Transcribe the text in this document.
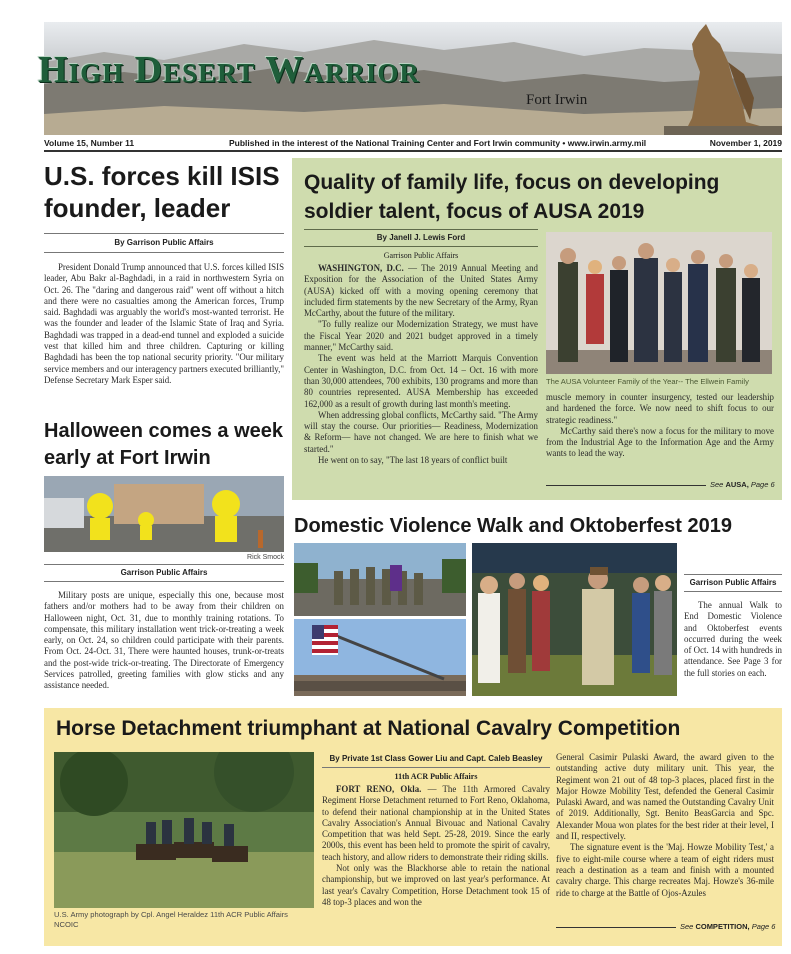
High Desert Warrior
Fort Irwin
Volume 15, Number 11	Published in the interest of the National Training Center and Fort Irwin community • www.irwin.army.mil	November 1, 2019
U.S. forces kill ISIS founder, leader
By Garrison Public Affairs

President Donald Trump announced that U.S. forces killed ISIS leader, Abu Bakr al-Baghdadi, in a raid in northwestern Syria on Oct. 26. The "daring and dangerous raid" went off without a hitch and there were no casualties among the American forces, Trump said. Baghdadi was arguably the world's most-wanted terrorist. He was the founder and leader of the Islamic State of Iraq and Syria. Baghdadi was trapped in a dead-end tunnel and exploded a suicide vest that killed him and three children. Capturing or killing Baghdadi has been the top national security priority. "Our military service members and our interagency partners executed brilliantly," Defense Secretary Mark Esper said.

Halloween comes a week early at Fort Irwin
Rick Smock
Garrison Public Affairs

Military posts are unique, especially this one, because most fathers and/or mothers had to be away from their children on Halloween night, Oct. 31, due to monthly training rotations. To compensate, this military installation went trick-or-treating a week early, on Oct. 24, so children could participate with their parents. From Oct. 24-Oct. 31, There were haunted houses, trunk-or-treats and the post-wide trick-or-treating. The Directorate of Emergency Services patrolled, greeting families with glow sticks and any assistance needed.

Quality of family life, focus on developing soldier talent, focus of AUSA 2019
By Janell J. Lewis Ford
Garrison Public Affairs

WASHINGTON, D.C. — The 2019 Annual Meeting and Exposition for the Association of the United States Army (AUSA) kicked off with a moving opening ceremony that included firm statements by the new Secretary of the Army, Ryan McCarthy, about the future of the military.

"To fully realize our Modernization Strategy, we must have the Fiscal Year 2020 and 2021 budget approved in a timely manner," McCarthy said.

The event was held at the Marriott Marquis Convention Center in Washington, D.C. from Oct. 14 – Oct. 16 with more than 30,000 attendees, 700 exhibits, 130 programs and more than 80 countries represented. AUSA Membership has exceeded 162,000 as a result of growth during last month's meeting.

When addressing global conflicts, McCarthy said. "The Army will stay the course. Our priorities— Readiness, Modernization & Reform— have not changed. We are here to finish what we started."

He went on to say, "The last 18 years of conflict built

The AUSA Volunteer Family of the Year-- The Ellwein Family

muscle memory in counter insurgency, tested our leadership and hardened the force. We now need to shift focus to our strategic readiness."

McCarthy said there's now a focus for the military to move from the Industrial Age to the Information Age and the Army wants to lead the way.

See AUSA, Page 6
Domestic Violence Walk and Oktoberfest 2019
Garrison Public Affairs

The annual Walk to End Domestic Violence and Oktoberfest events occurred during the week of Oct. 14 with hundreds in attendance. See Page 3 for the full stories on each.

Horse Detachment triumphant at National Cavalry Competition
U.S. Army photograph by Cpl. Angel Heraldez 11th ACR Public Affairs NCOIC
By Private 1st Class Gower Liu and Capt. Caleb Beasley
11th ACR Public Affairs

FORT RENO, Okla. — The 11th Armored Cavalry Regiment Horse Detachment returned to Fort Reno, Oklahoma, to defend their national championship at in the United States Cavalry Association's Annual Bivouac and National Cavalry Competition that was held Sept. 25-28, 2019. Since the early 2000s, this event has been held to promote the spirit of cavalry, teach history, and allow riders to demonstrate their riding skills.

Not only was the Blackhorse able to retain the national championship, but we improved on last year's performance. At last year's Cavalry Competition, Horse Detachment took 15 of 48 top-3 places and won the

General Casimir Pulaski Award, the award given to the outstanding active duty military unit. This year, the Regiment won 21 out of 48 top-3 places, placed first in the Major Howze Mobility Test, defended the General Casimir Pulaski Award, and was named the Outstanding Cavalry Unit of 2019. Additionally, Sgt. Benito BeasGarcia and Spc. Alexander Moua won plates for the best rider at their level, I and II, respectively.

The signature event is the 'Maj. Howze Mobility Test,' a five to eight-mile course where a team of eight riders must reach a destination as a team and finish with a mounted cavalry charge. This charge recreates Maj. Howze's 36-mile ride to charge at the Battle of Ojos-Azules

See COMPETITION, Page 6
